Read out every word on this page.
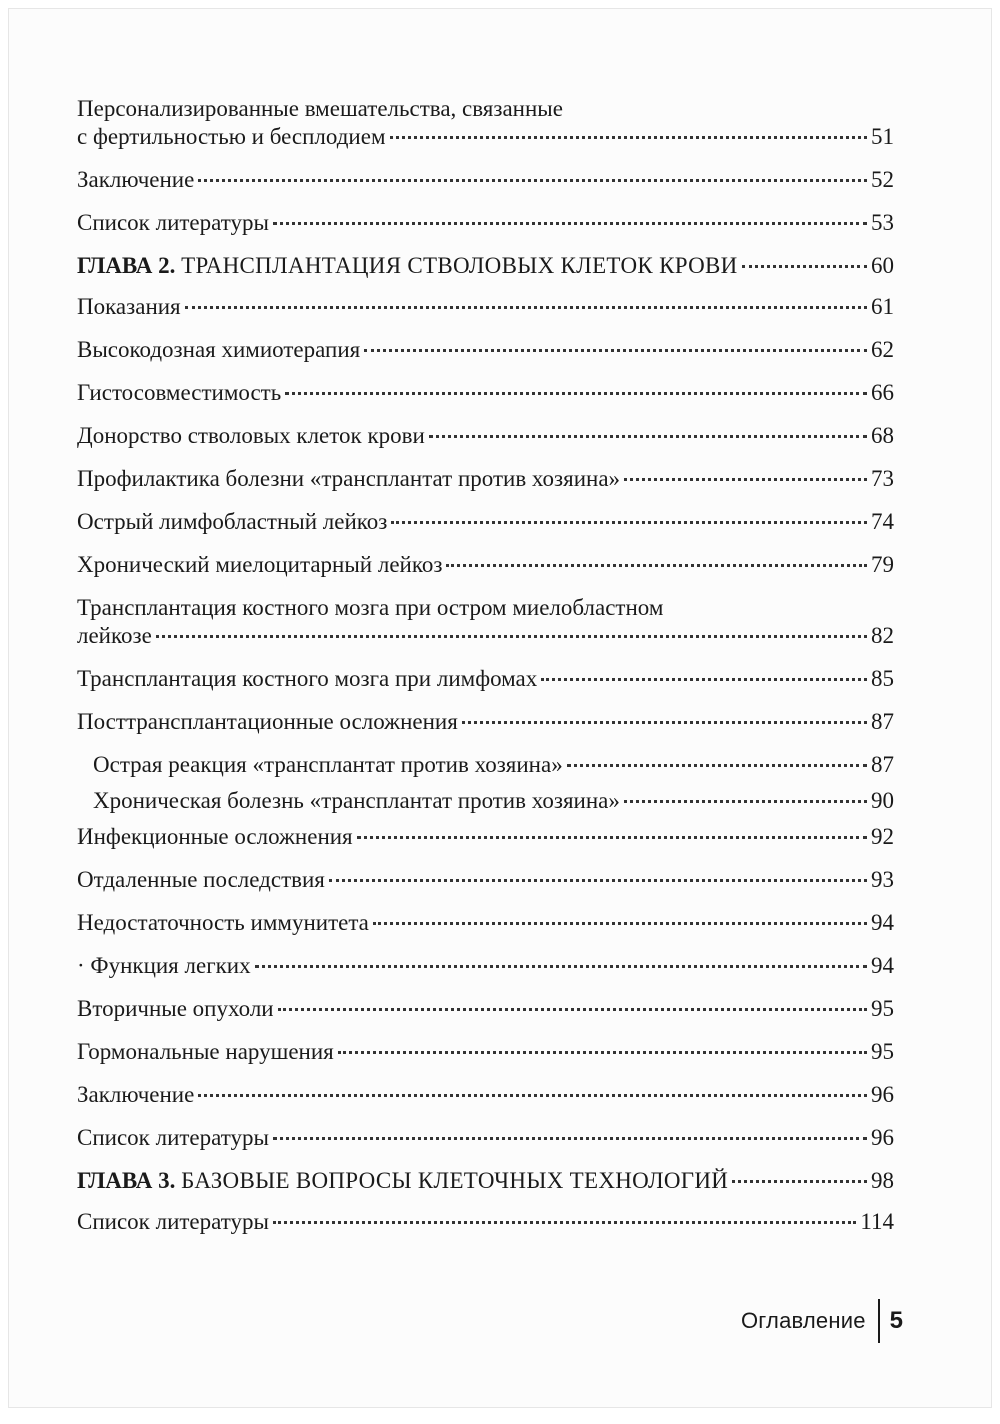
Персонализированные вмешательства, связанные
с фертильностью и бесплодием	51
Заключение	52
Список литературы	53
ГЛАВА 2. ТРАНСПЛАНТАЦИЯ СТВОЛОВЫХ КЛЕТОК КРОВИ	60
Показания	61
Высокодозная химиотерапия	62
Гистосовместимость	66
Донорство стволовых клеток крови	68
Профилактика болезни «трансплантат против хозяина»	73
Острый лимфобластный лейкоз	74
Хронический миелоцитарный лейкоз	79
Трансплантация костного мозга при остром миелобластном
лейкозе	82
Трансплантация костного мозга при лимфомах	85
Посттрансплантационные осложнения	87
Острая реакция «трансплантат против хозяина»	87
Хроническая болезнь «трансплантат против хозяина»	90
Инфекционные осложнения	92
Отдаленные последствия	93
Недостаточность иммунитета	94
· Функция легких	94
Вторичные опухоли	95
Гормональные нарушения	95
Заключение	96
Список литературы	96
ГЛАВА 3. БАЗОВЫЕ ВОПРОСЫ КЛЕТОЧНЫХ ТЕХНОЛОГИЙ	98
Список литературы	114
Оглавление 5
